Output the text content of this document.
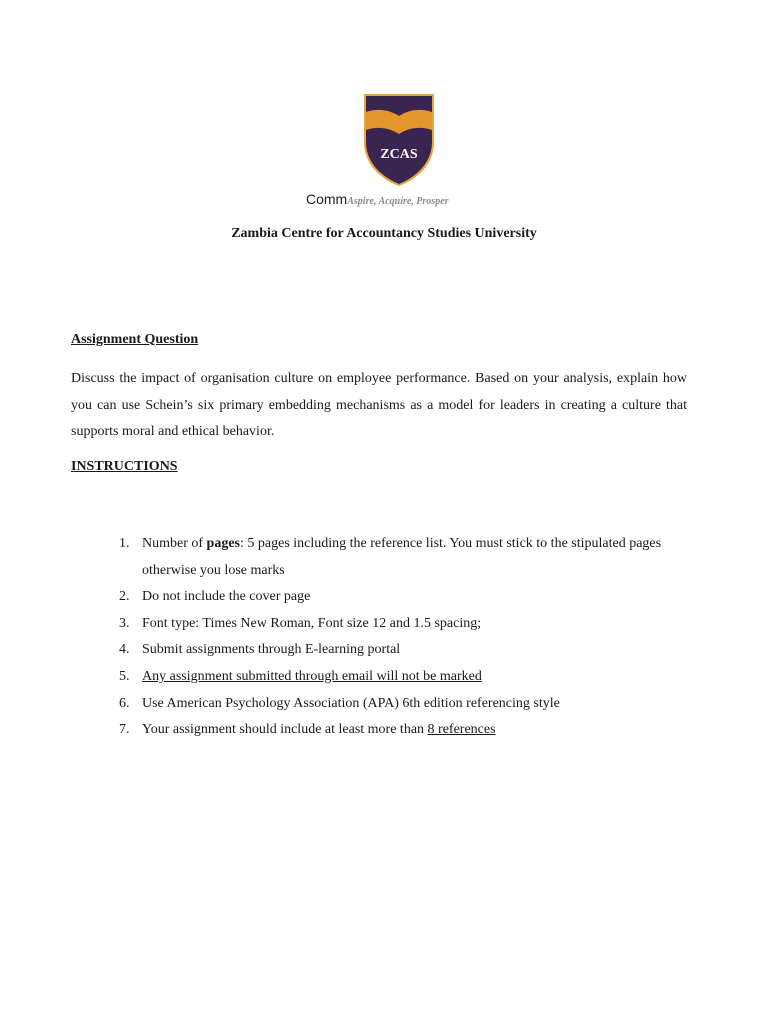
ZCAS
CommAspire, Acquire, Prosper
Zambia Centre for Accountancy Studies University
Assignment Question
Discuss the impact of organisation culture on employee performance. Based on your analysis, explain how you can use Schein’s six primary embedding mechanisms as a model for leaders in creating a culture that supports moral and ethical behavior.
INSTRUCTIONS
1. Number of pages: 5 pages including the reference list. You must stick to the stipulated pages otherwise you lose marks
2. Do not include the cover page
3. Font type: Times New Roman, Font size 12 and 1.5 spacing;
4. Submit assignments through E-learning portal
5. Any assignment submitted through email will not be marked
6. Use American Psychology Association (APA) 6th edition referencing style
7. Your assignment should include at least more than 8 references
